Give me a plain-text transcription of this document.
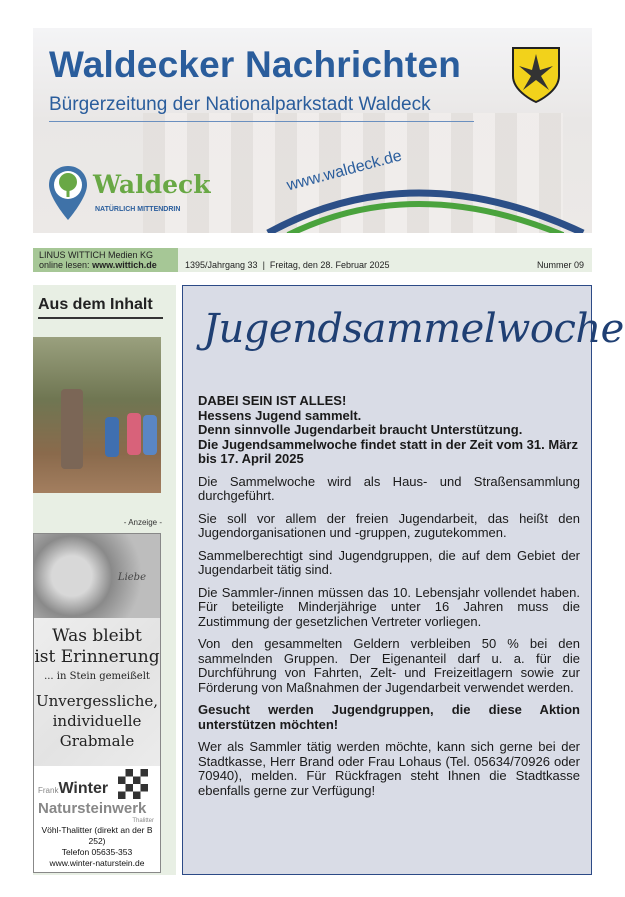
Waldecker Nachrichten
Bürgerzeitung der Nationalparkstadt Waldeck
Waldeck
NATÜRLICH MITTENDRIN
www.waldeck.de
LINUS WITTICH Medien KG
online lesen: www.wittich.de	1395/Jahrgang 33  |  Freitag, den 28. Februar 2025	Nummer 09
Aus dem Inhalt
- Anzeige -
Liebe
Was bleibt
ist Erinnerung
... in Stein gemeißelt
Unvergessliche,
individuelle
Grabmale
FrankWinter
Natursteinwerk
Thalitter
Vöhl-Thalitter (direkt an der B 252)
Telefon 05635-353
www.winter-naturstein.de
Jugendsammelwoche

DABEI SEIN IST ALLES!
Hessens Jugend sammelt.
Denn sinnvolle Jugendarbeit braucht Unterstützung.
Die Jugendsammelwoche findet statt in der Zeit vom 31. März bis 17. April 2025

Die Sammelwoche wird als Haus- und Straßensammlung durchgeführt.

Sie soll vor allem der freien Jugendarbeit, das heißt den Jugendorganisationen und -gruppen, zugutekommen.

Sammelberechtigt sind Jugendgruppen, die auf dem Gebiet der Jugendarbeit tätig sind.

Die Sammler-/innen müssen das 10. Lebensjahr vollendet haben. Für beteiligte Minderjährige unter 16 Jahren muss die Zustimmung der gesetzlichen Vertreter vorliegen.

Von den gesammelten Geldern verbleiben 50 % bei den sammelnden Gruppen. Der Eigenanteil darf u. a. für die Durchführung von Fahrten, Zelt- und Freizeitlagern sowie zur Förderung von Maßnahmen der Jugendarbeit verwendet werden.

Gesucht werden Jugendgruppen, die diese Aktion unterstützen möchten!

Wer als Sammler tätig werden möchte, kann sich gerne bei der Stadtkasse, Herr Brand oder Frau Lohaus (Tel. 05634/70926 oder 70940), melden. Für Rückfragen steht Ihnen die Stadtkasse ebenfalls gerne zur Verfügung!
